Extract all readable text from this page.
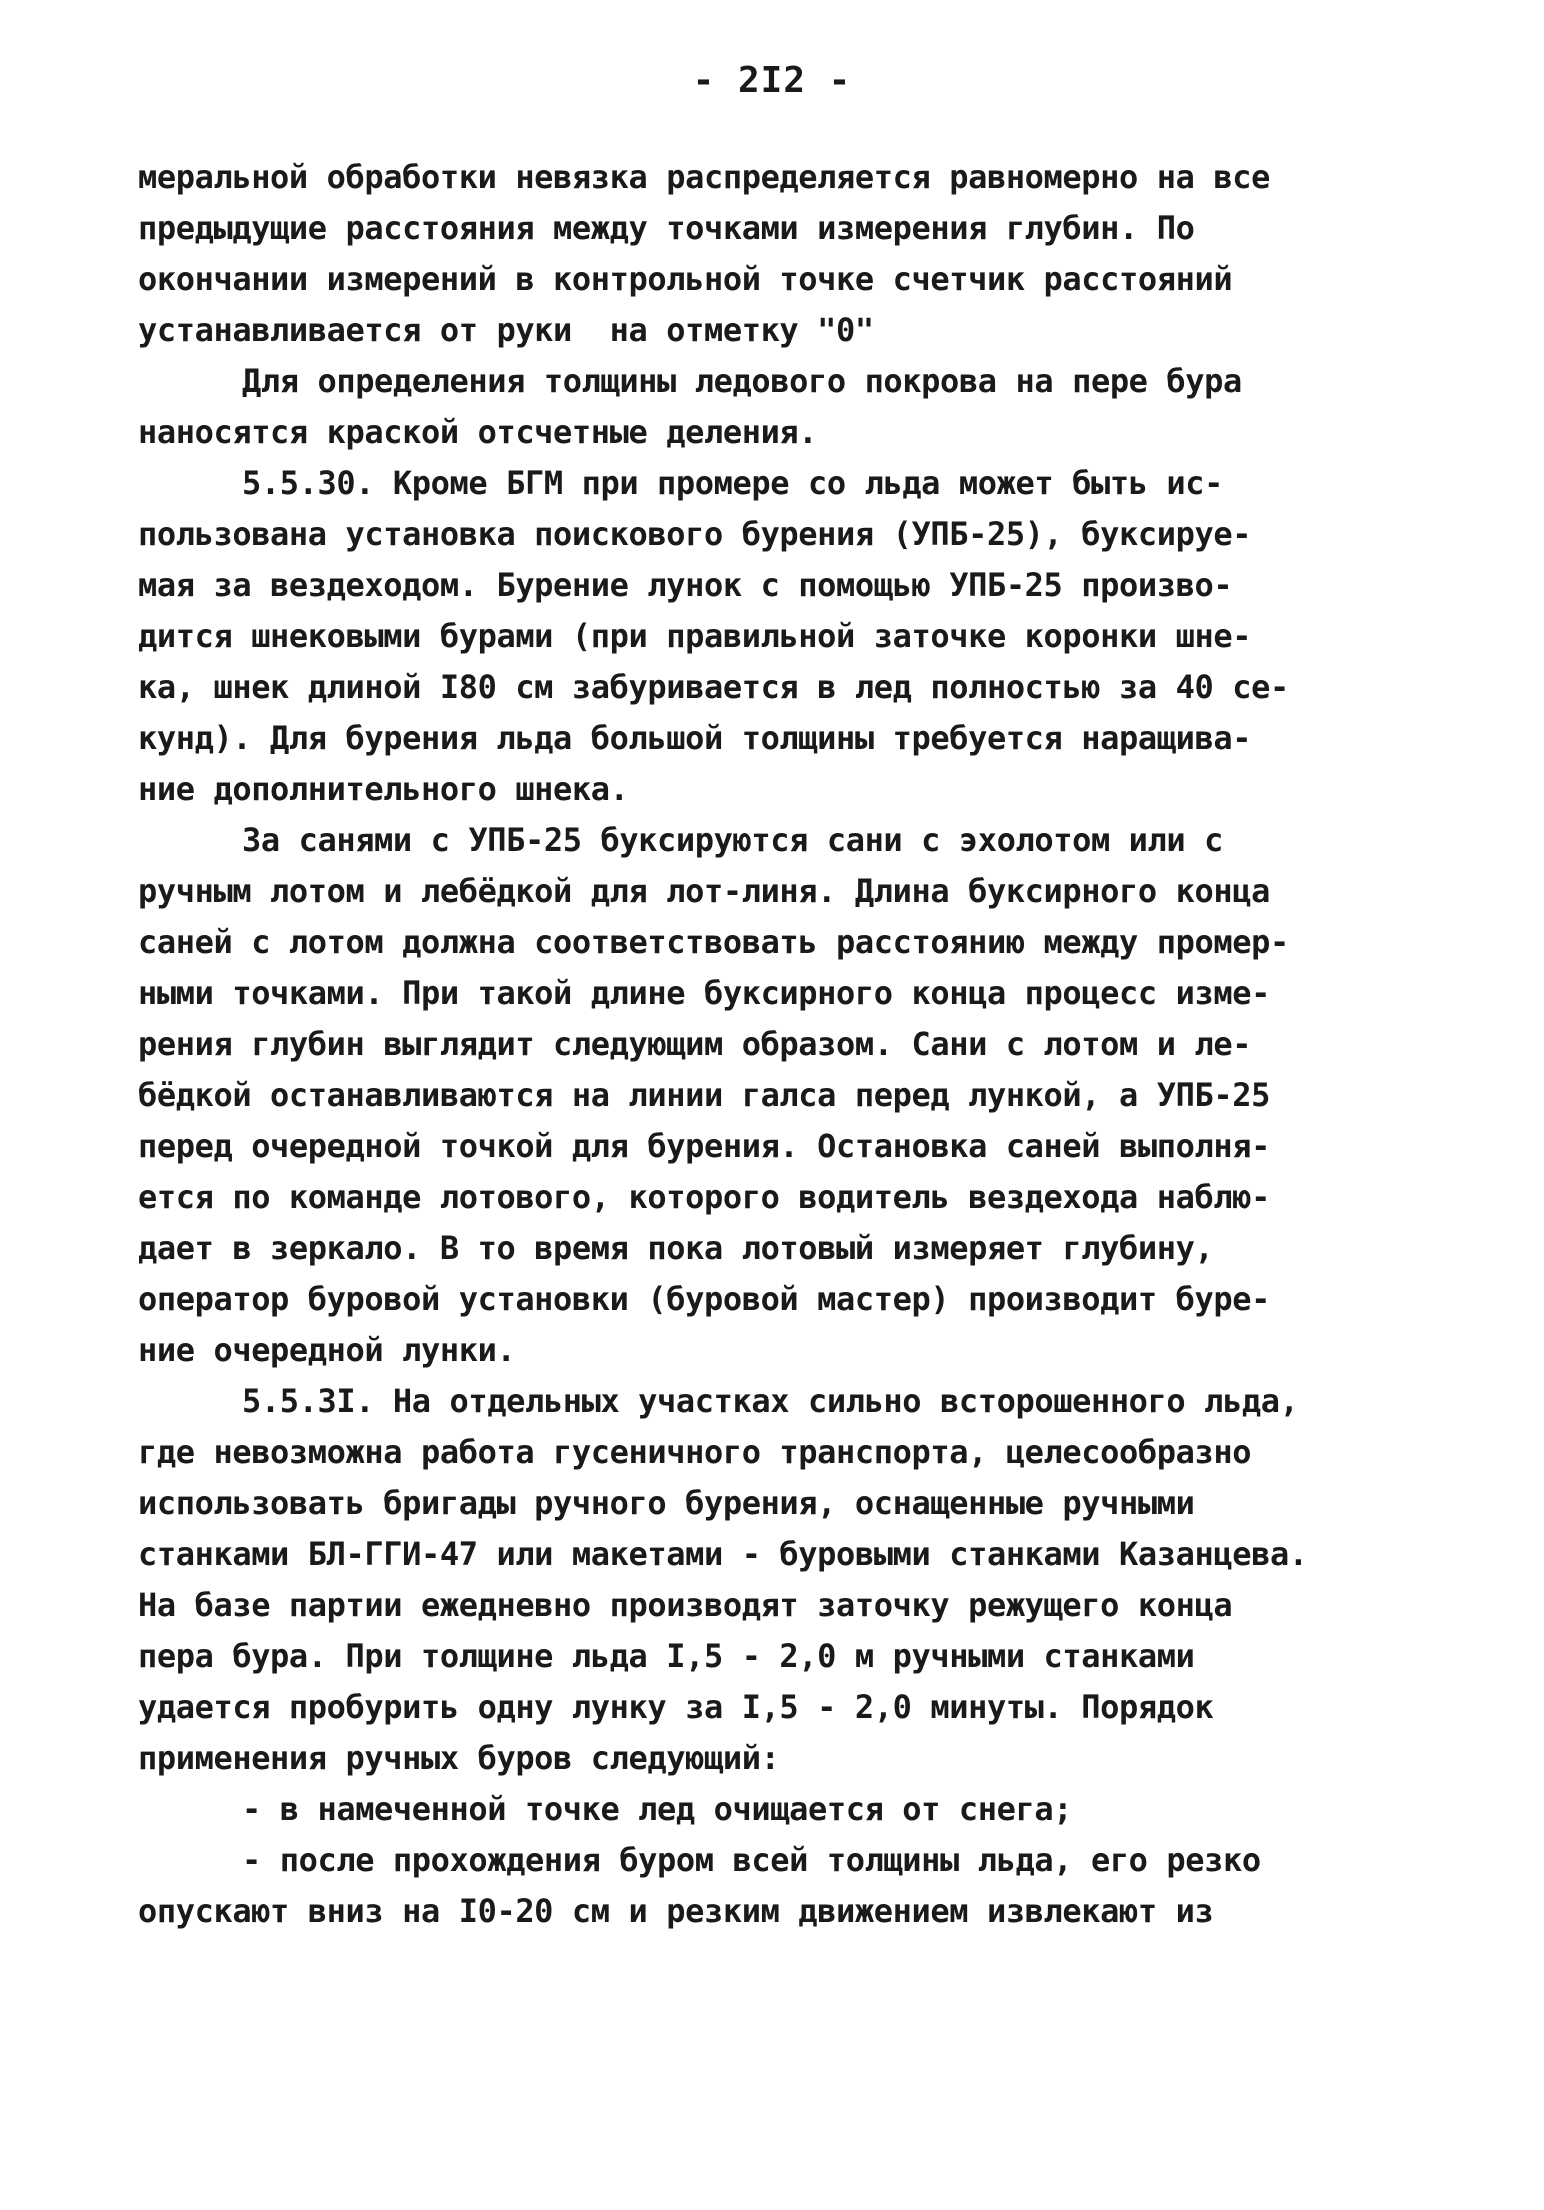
- 2I2 -
меральной обработки невязка распределяется равномерно на все
предыдущие расстояния между точками измерения глубин. По
окончании измерений в контрольной точке счетчик расстояний
устанавливается от руки  на отметку "0"
Для определения толщины ледового покрова на пере бура
наносятся краской отсчетные деления.
5.5.30. Кроме БГМ при промере со льда может быть ис-
пользована установка поискового бурения (УПБ-25), буксируе-
мая за вездеходом. Бурение лунок с помощью УПБ-25 произво-
дится шнековыми бурами (при правильной заточке коронки шне-
ка, шнек длиной I80 см забуривается в лед полностью за 40 се-
кунд). Для бурения льда большой толщины требуется наращива-
ние дополнительного шнека.
За санями с УПБ-25 буксируются сани с эхолотом или с
ручным лотом и лебёдкой для лот-линя. Длина буксирного конца
саней с лотом должна соответствовать расстоянию между промер-
ными точками. При такой длине буксирного конца процесс изме-
рения глубин выглядит следующим образом. Сани с лотом и ле-
бёдкой останавливаются на линии галса перед лункой, а УПБ-25
перед очередной точкой для бурения. Остановка саней выполня-
ется по команде лотового, которого водитель вездехода наблю-
дает в зеркало. В то время пока лотовый измеряет глубину,
оператор буровой установки (буровой мастер) производит буре-
ние очередной лунки.
5.5.3I. На отдельных участках сильно всторошенного льда,
где невозможна работа гусеничного транспорта, целесообразно
использовать бригады ручного бурения, оснащенные ручными
станками БЛ-ГГИ-47 или макетами - буровыми станками Казанцева.
На базе партии ежедневно производят заточку режущего конца
пера бура. При толщине льда I,5 - 2,0 м ручными станками
удается пробурить одну лунку за I,5 - 2,0 минуты. Порядок
применения ручных буров следующий:
- в намеченной точке лед очищается от снега;
- после прохождения буром всей толщины льда, его резко
опускают вниз на I0-20 см и резким движением извлекают из
